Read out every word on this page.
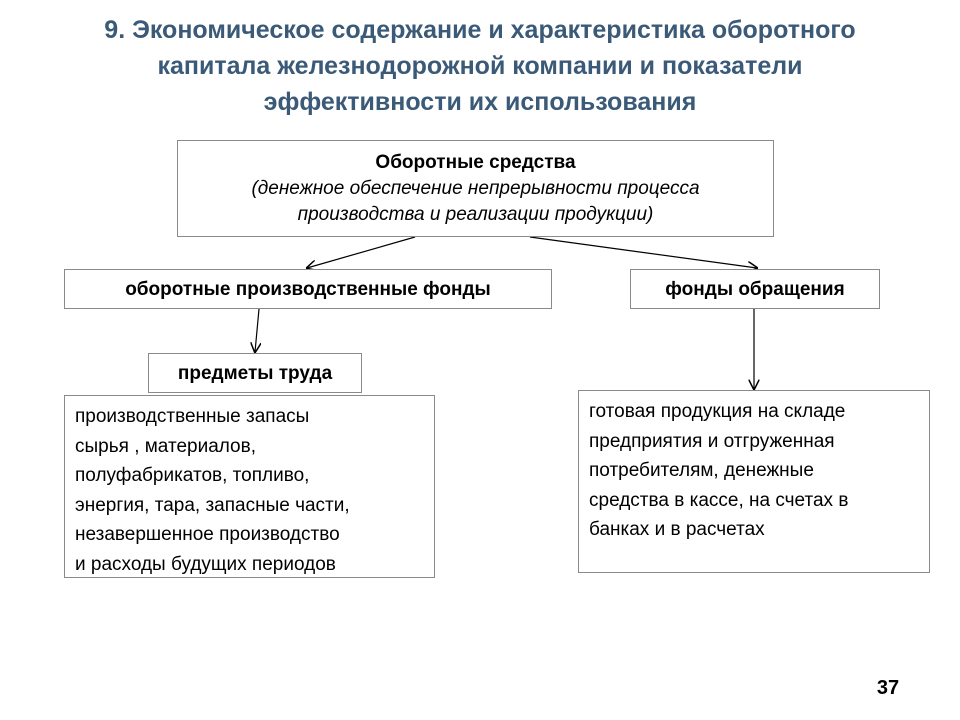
9. Экономическое содержание и характеристика оборотного
капитала железнодорожной компании и показатели
эффективности их использования
Оборотные средства
(денежное обеспечение непрерывности процесса
производства и реализации продукции)
оборотные производственные фонды	фонды обращения
предметы труда
производственные запасы
сырья , материалов,
полуфабрикатов, топливо,
энергия, тара, запасные части,
незавершенное производство
и расходы будущих периодов
готовая продукция на складе
предприятия и отгруженная
потребителям, денежные
средства в кассе, на счетах в
банках и в расчетах
37
